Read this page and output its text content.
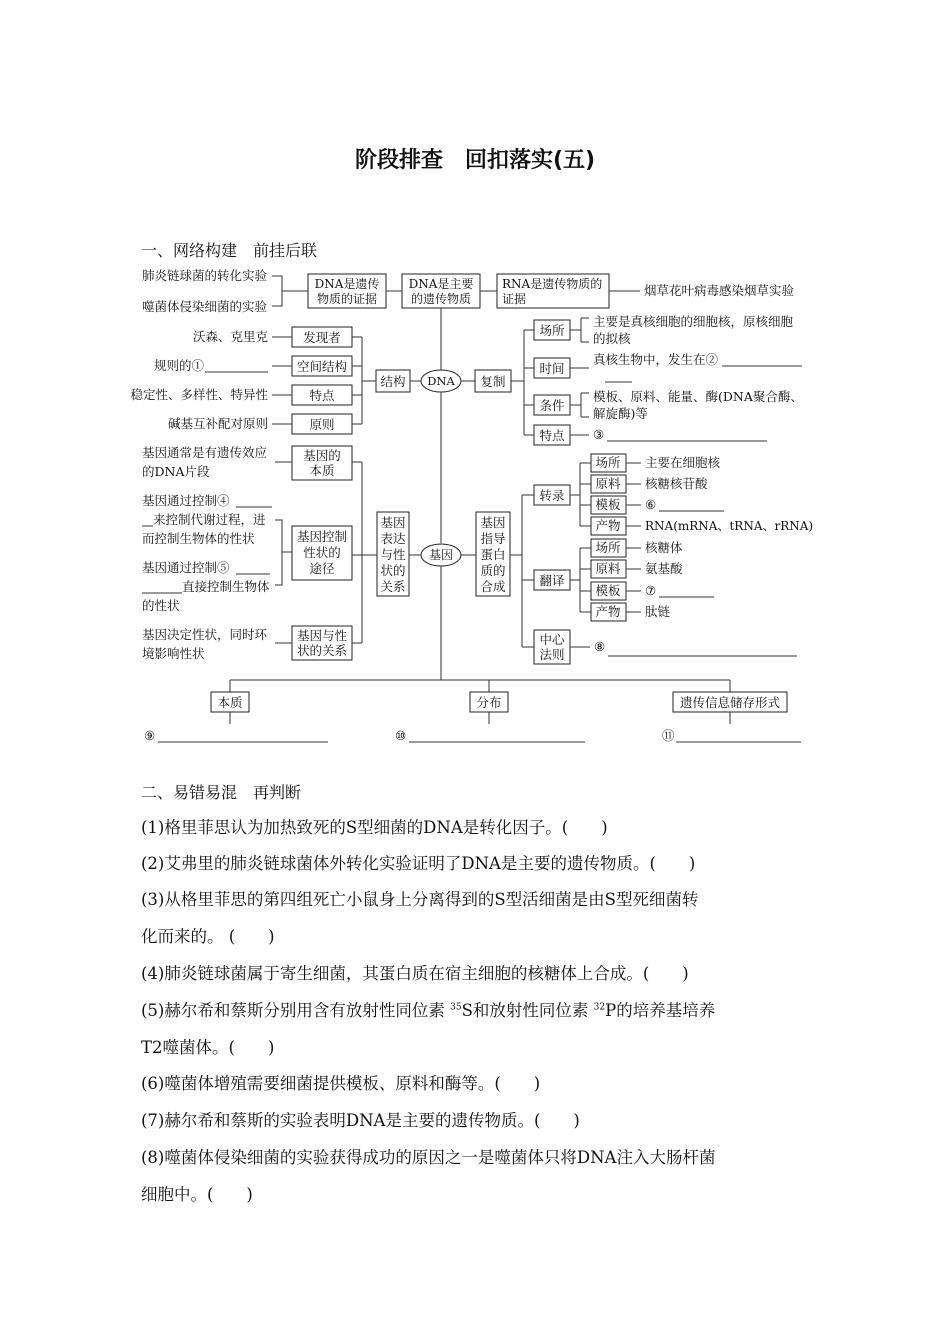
阶段排查　回扣落实(五)
一、网络构建　前挂后联
肺炎链球菌的转化实验
噬菌体侵染细菌的实验
DNA是遗传
物质的证据
DNA是主要
的遗传物质
RNA是遗传物质的
证据
烟草花叶病毒感染烟草实验
DNA
基因
结构
发现者
空间结构
特点
原则
沃森、克里克
规则的①
稳定性、多样性、特异性
碱基互补配对原则
复制
场所
时间
条件
特点
主要是真核细胞的细胞核，原核细胞
的拟核
真核生物中，发生在②
模板、原料、能量、酶(DNA聚合酶、
解旋酶)等
③
基因
表达
与性
状的
关系
基因的
本质
基因控制
性状的
途径
基因与性
状的关系
基因通常是有遗传效应
的DNA片段
基因通过控制④
来控制代谢过程，进
而控制生物体的性状
基因通过控制⑤
直接控制生物体
的性状
基因决定性状，同时环
境影响性状
基因
指导
蛋白
质的
合成
转录
翻译
中心
法则
⑧
场所
原料
模板
产物
主要在细胞核
核糖核苷酸
⑥
RNA(mRNA、tRNA、rRNA)
场所
原料
模板
产物
核糖体
氨基酸
⑦
肽链
本质	分布	遗传信息储存形式
⑨	⑩	⑪
二、易错易混　再判断

(1)格里菲思认为加热致死的S型细菌的DNA是转化因子。(　　)

(2)艾弗里的肺炎链球菌体外转化实验证明了DNA是主要的遗传物质。(　　)

(3)从格里菲思的第四组死亡小鼠身上分离得到的S型活细菌是由S型死细菌转

化而来的。 (　　)

(4)肺炎链球菌属于寄生细菌，其蛋白质在宿主细胞的核糖体上合成。(　　)

(5)赫尔希和蔡斯分别用含有放射性同位素 $^{35}$S和放射性同位素 $^{32}$P的培养基培养

T2噬菌体。(　　)

(6)噬菌体增殖需要细菌提供模板、原料和酶等。(　　)

(7)赫尔希和蔡斯的实验表明DNA是主要的遗传物质。(　　)

(8)噬菌体侵染细菌的实验获得成功的原因之一是噬菌体只将DNA注入大肠杆菌

细胞中。(　　)
